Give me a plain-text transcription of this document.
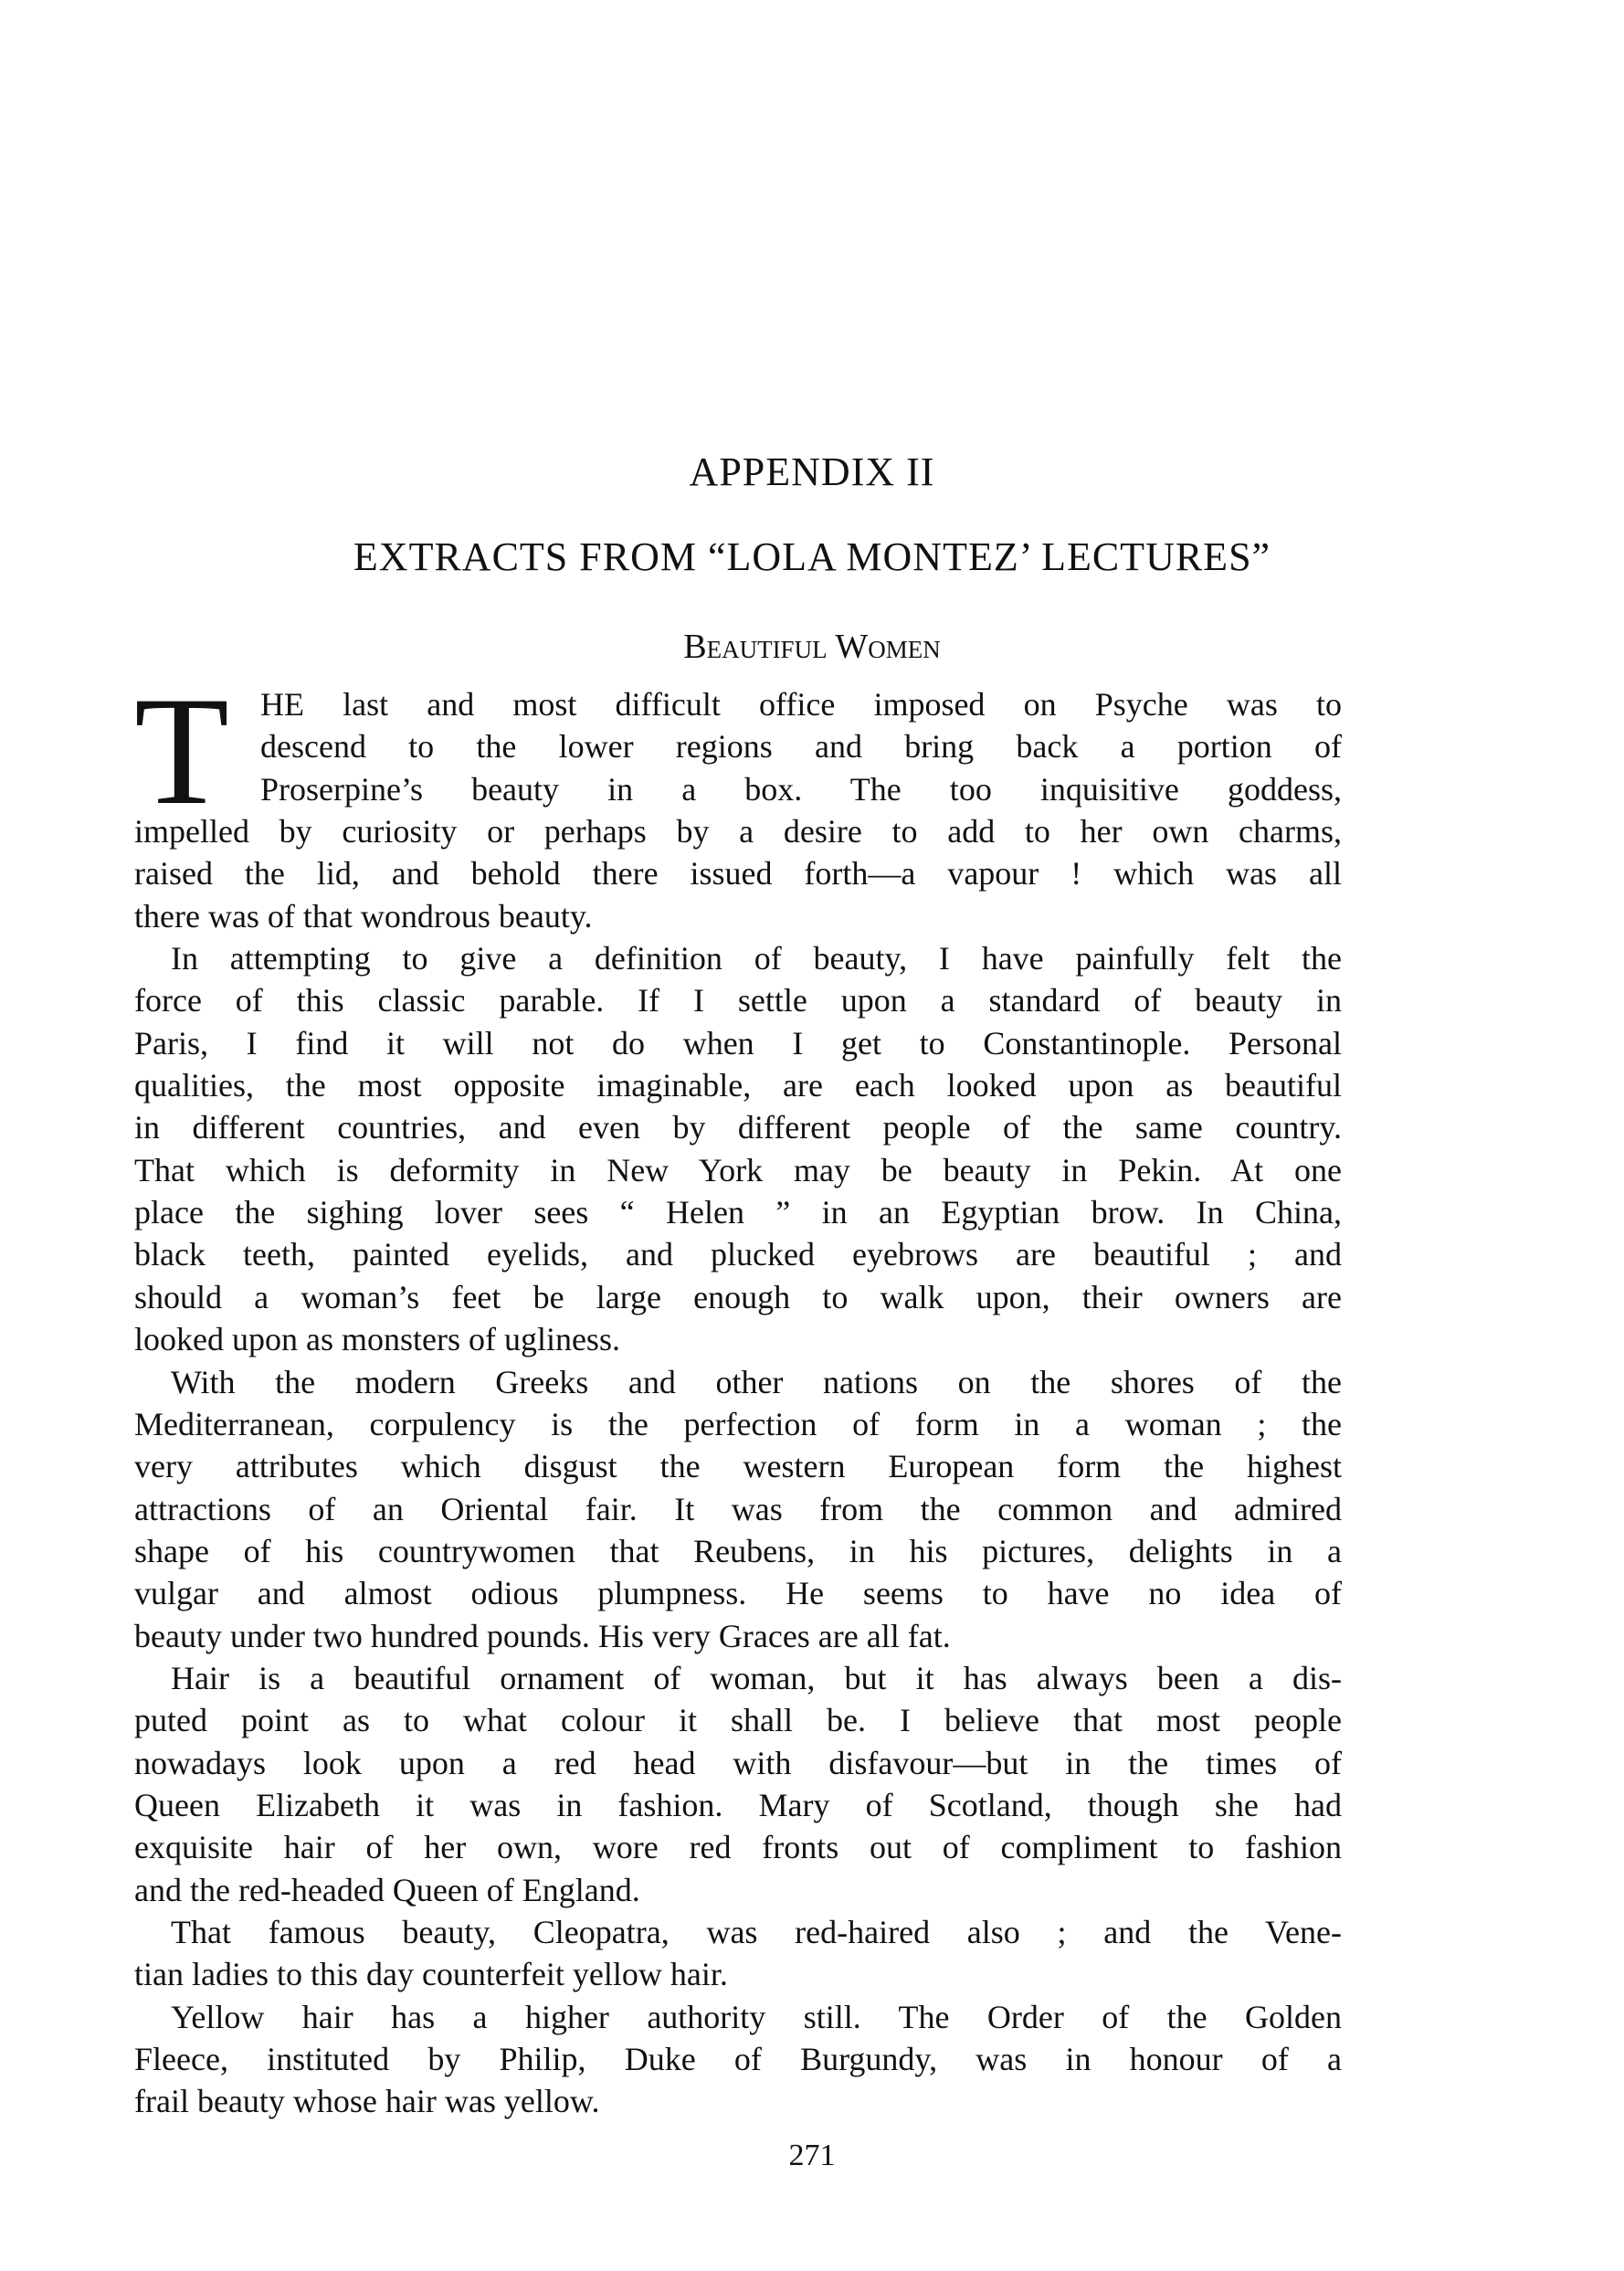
APPENDIX II
EXTRACTS FROM “LOLA MONTEZ’ LECTURES”
Beautiful Women
T HE last and most difficult office imposed on Psyche was to
descend to the lower regions and bring back a portion of
Proserpine’s beauty in a box. The too inquisitive goddess,
impelled by curiosity or perhaps by a desire to add to her own charms,
raised the lid, and behold there issued forth—a vapour ! which was all
there was of that wondrous beauty.
In attempting to give a definition of beauty, I have painfully felt the
force of this classic parable. If I settle upon a standard of beauty in
Paris, I find it will not do when I get to Constantinople. Personal
qualities, the most opposite imaginable, are each looked upon as beautiful
in different countries, and even by different people of the same country.
That which is deformity in New York may be beauty in Pekin. At one
place the sighing lover sees “ Helen ” in an Egyptian brow. In China,
black teeth, painted eyelids, and plucked eyebrows are beautiful ; and
should a woman’s feet be large enough to walk upon, their owners are
looked upon as monsters of ugliness.
With the modern Greeks and other nations on the shores of the
Mediterranean, corpulency is the perfection of form in a woman ; the
very attributes which disgust the western European form the highest
attractions of an Oriental fair. It was from the common and admired
shape of his countrywomen that Reubens, in his pictures, delights in a
vulgar and almost odious plumpness. He seems to have no idea of
beauty under two hundred pounds. His very Graces are all fat.
Hair is a beautiful ornament of woman, but it has always been a dis-
puted point as to what colour it shall be. I believe that most people
nowadays look upon a red head with disfavour—but in the times of
Queen Elizabeth it was in fashion. Mary of Scotland, though she had
exquisite hair of her own, wore red fronts out of compliment to fashion
and the red-headed Queen of England.
That famous beauty, Cleopatra, was red-haired also ; and the Vene-
tian ladies to this day counterfeit yellow hair.
Yellow hair has a higher authority still. The Order of the Golden
Fleece, instituted by Philip, Duke of Burgundy, was in honour of a
frail beauty whose hair was yellow.
271
